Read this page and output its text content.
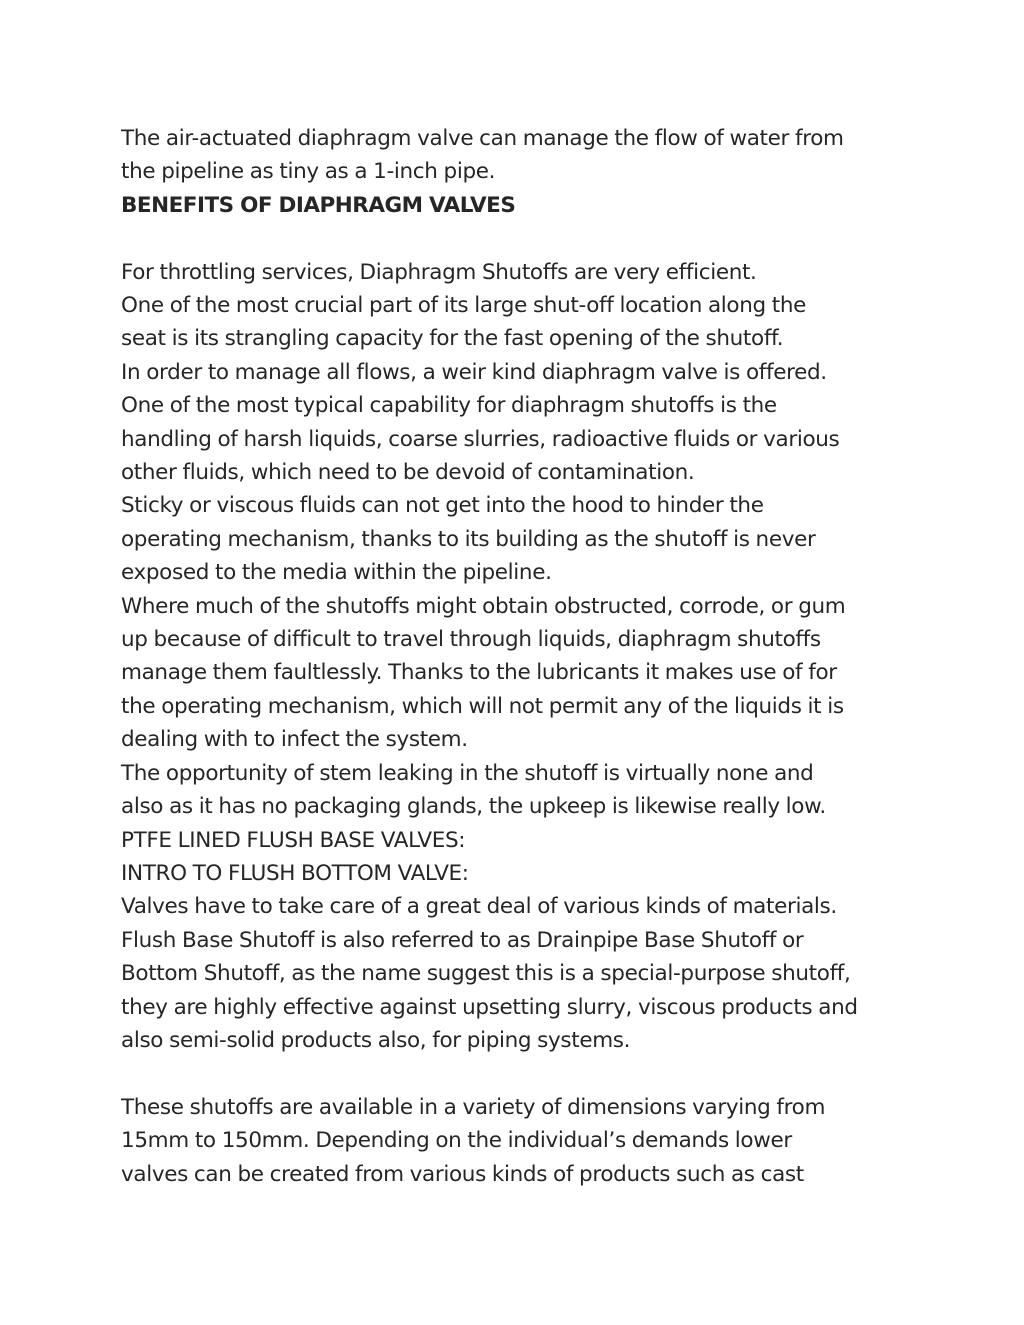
The air-actuated diaphragm valve can manage the flow of water from
the pipeline as tiny as a 1-inch pipe.
BENEFITS OF DIAPHRAGM VALVES
For throttling services, Diaphragm Shutoffs are very efficient.
One of the most crucial part of its large shut-off location along the
seat is its strangling capacity for the fast opening of the shutoff.
In order to manage all flows, a weir kind diaphragm valve is offered.
One of the most typical capability for diaphragm shutoffs is the
handling of harsh liquids, coarse slurries, radioactive fluids or various
other fluids, which need to be devoid of contamination.
Sticky or viscous fluids can not get into the hood to hinder the
operating mechanism, thanks to its building as the shutoff is never
exposed to the media within the pipeline.
Where much of the shutoffs might obtain obstructed, corrode, or gum
up because of difficult to travel through liquids, diaphragm shutoffs
manage them faultlessly. Thanks to the lubricants it makes use of for
the operating mechanism, which will not permit any of the liquids it is
dealing with to infect the system.
The opportunity of stem leaking in the shutoff is virtually none and
also as it has no packaging glands, the upkeep is likewise really low.
PTFE LINED FLUSH BASE VALVES:
INTRO TO FLUSH BOTTOM VALVE:
Valves have to take care of a great deal of various kinds of materials.
Flush Base Shutoff is also referred to as Drainpipe Base Shutoff or
Bottom Shutoff, as the name suggest this is a special-purpose shutoff,
they are highly effective against upsetting slurry, viscous products and
also semi-solid products also, for piping systems.
These shutoffs are available in a variety of dimensions varying from
15mm to 150mm. Depending on the individual’s demands lower
valves can be created from various kinds of products such as cast
